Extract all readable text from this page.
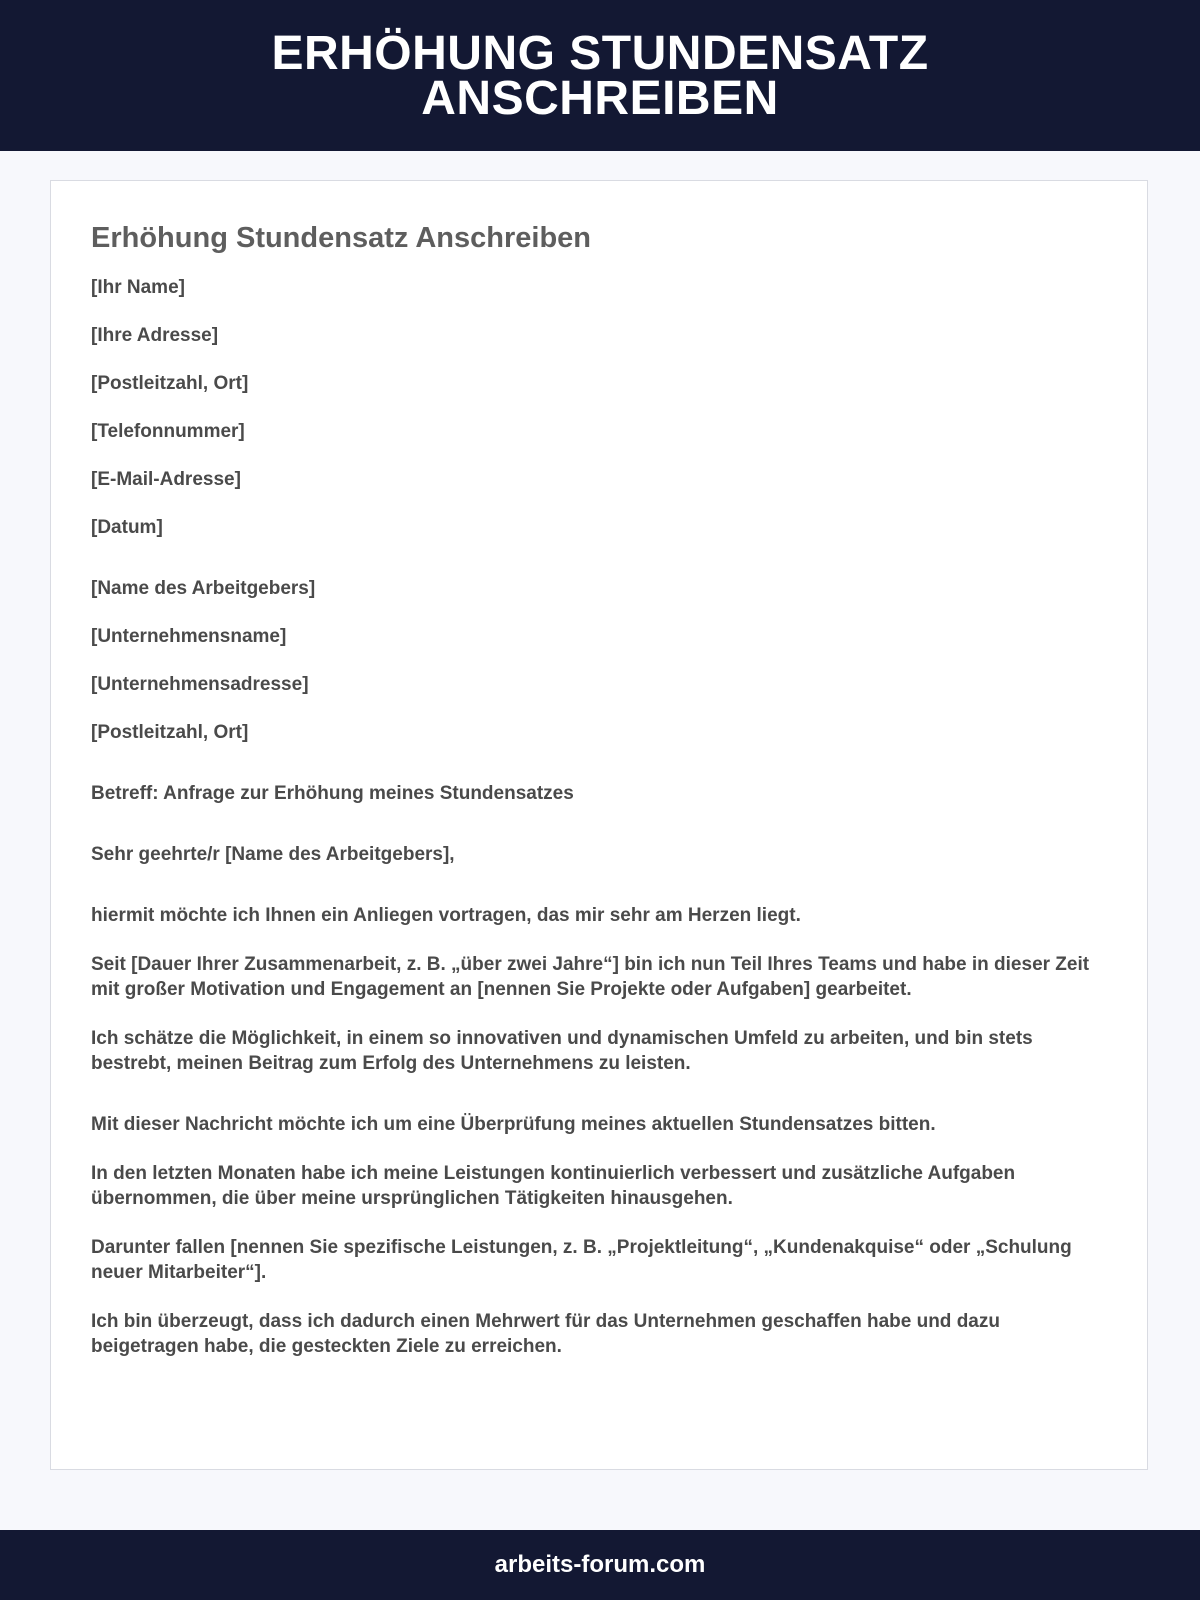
ERHÖHUNG STUNDENSATZ ANSCHREIBEN
Erhöhung Stundensatz Anschreiben

[Ihr Name]

[Ihre Adresse]

[Postleitzahl, Ort]

[Telefonnummer]

[E-Mail-Adresse]

[Datum]

[Name des Arbeitgebers]

[Unternehmensname]

[Unternehmensadresse]

[Postleitzahl, Ort]

Betreff: Anfrage zur Erhöhung meines Stundensatzes

Sehr geehrte/r [Name des Arbeitgebers],

hiermit möchte ich Ihnen ein Anliegen vortragen, das mir sehr am Herzen liegt.

Seit [Dauer Ihrer Zusammenarbeit, z. B. „über zwei Jahre“] bin ich nun Teil Ihres Teams und habe in dieser Zeit mit großer Motivation und Engagement an [nennen Sie Projekte oder Aufgaben] gearbeitet.

Ich schätze die Möglichkeit, in einem so innovativen und dynamischen Umfeld zu arbeiten, und bin stets bestrebt, meinen Beitrag zum Erfolg des Unternehmens zu leisten.

Mit dieser Nachricht möchte ich um eine Überprüfung meines aktuellen Stundensatzes bitten.

In den letzten Monaten habe ich meine Leistungen kontinuierlich verbessert und zusätzliche Aufgaben übernommen, die über meine ursprünglichen Tätigkeiten hinausgehen.

Darunter fallen [nennen Sie spezifische Leistungen, z. B. „Projektleitung“, „Kundenakquise“ oder „Schulung neuer Mitarbeiter“].

Ich bin überzeugt, dass ich dadurch einen Mehrwert für das Unternehmen geschaffen habe und dazu beigetragen habe, die gesteckten Ziele zu erreichen.

arbeits-forum.com
